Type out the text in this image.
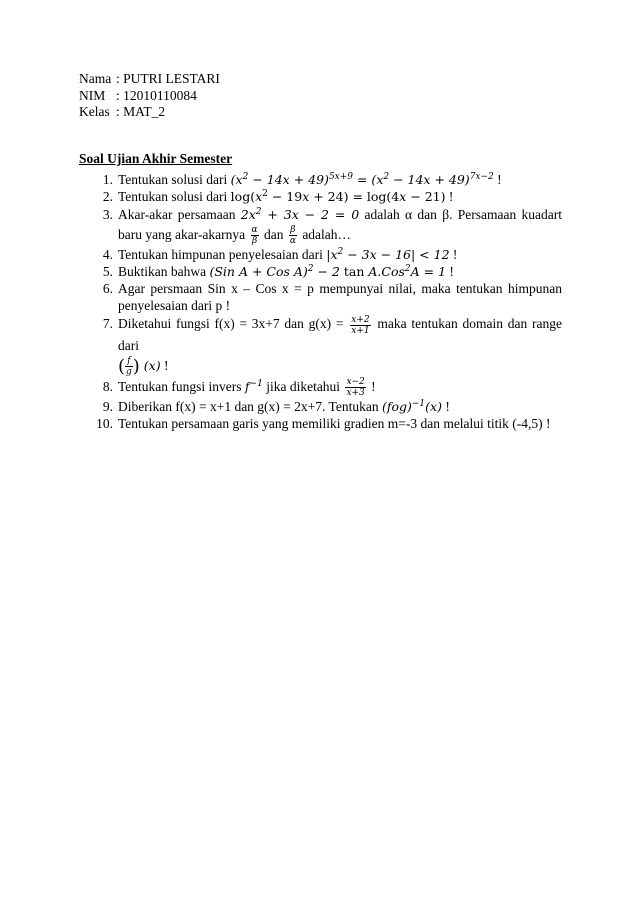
Nama : PUTRI LESTARI
NIM : 12010110084
Kelas : MAT_2
Soal Ujian Akhir Semester
1. Tentukan solusi dari $(x^2 - 14x + 49)^{5x+9} = (x^2 - 14x + 49)^{7x-2}$ !
2. Tentukan solusi dari $\log(x^2 - 19x + 24) = \log(4x - 21)$ !
3. Akar-akar persamaan $2x^2 + 3x - 2 = 0$ adalah α dan β. Persamaan kuadart baru yang akar-akarnya $\frac{\alpha}{\beta}$ dan $\frac{\beta}{\alpha}$ adalah…
4. Tentukan himpunan penyelesaian dari $|x^2 - 3x - 16| < 12$ !
5. Buktikan bahwa (Sin A + Cos A)$^2$ − 2 tan A.Cos$^2$A = 1 !
6. Agar persmaan Sin x – Cos x = p mempunyai nilai, maka tentukan himpunan penyelesaian dari p !
7. Diketahui fungsi f(x) = 3x+7 dan $g(x) = \frac{x+2}{x+1}$ maka tentukan domain dan range dari
( $\frac{f}{g}$ ) (x) !
8. Tentukan fungsi invers $f^{-1}$ jika diketahui $\frac{x-2}{x+3}$ !
9. Diberikan f(x) = x+1 dan g(x) = 2x+7. Tentukan (fog)$^{-1}$(x) !
10. Tentukan persamaan garis yang memiliki gradien m=-3 dan melalui titik (-4,5) !
